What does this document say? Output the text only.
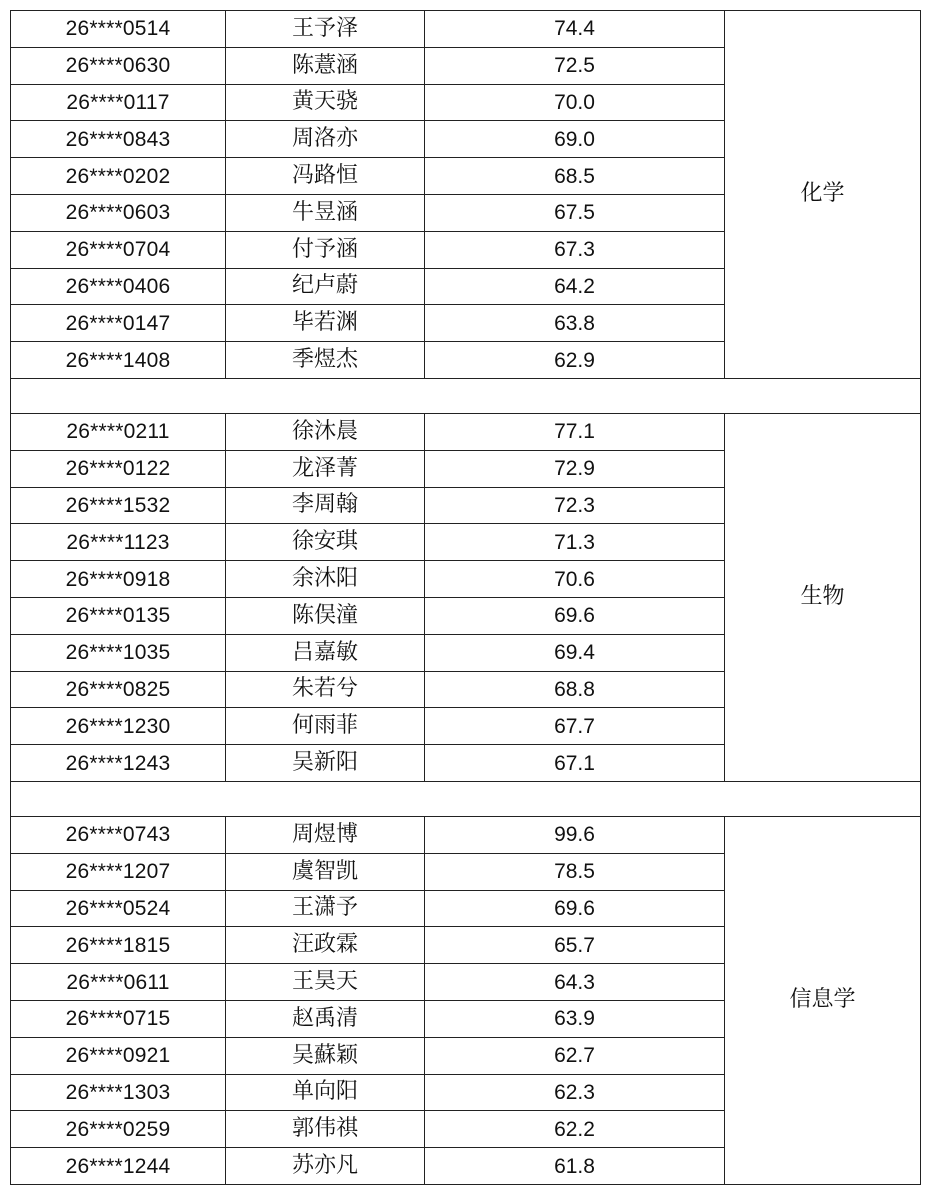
26****0514	王予泽	74.4	化学
26****0630	陈薏涵	72.5	
26****0117	黄天骁	70.0	
26****0843	周洛亦	69.0	
26****0202	冯路恒	68.5	
26****0603	牛昱涵	67.5	
26****0704	付予涵	67.3	
26****0406	纪卢蔚	64.2	
26****0147	毕若渊	63.8	
26****1408	季煜杰	62.9	

26****0211	徐沐晨	77.1	生物
26****0122	龙泽菁	72.9	
26****1532	李周翰	72.3	
26****1123	徐安琪	71.3	
26****0918	余沐阳	70.6	
26****0135	陈俣潼	69.6	
26****1035	吕嘉敏	69.4	
26****0825	朱若兮	68.8	
26****1230	何雨菲	67.7	
26****1243	吴新阳	67.1	

26****0743	周煜博	99.6	信息学
26****1207	虞智凯	78.5	
26****0524	王潇予	69.6	
26****1815	汪政霖	65.7	
26****0611	王昊天	64.3	
26****0715	赵禹清	63.9	
26****0921	吴蘇颖	62.7	
26****1303	单向阳	62.3	
26****0259	郭伟祺	62.2	
26****1244	苏亦凡	61.8	
